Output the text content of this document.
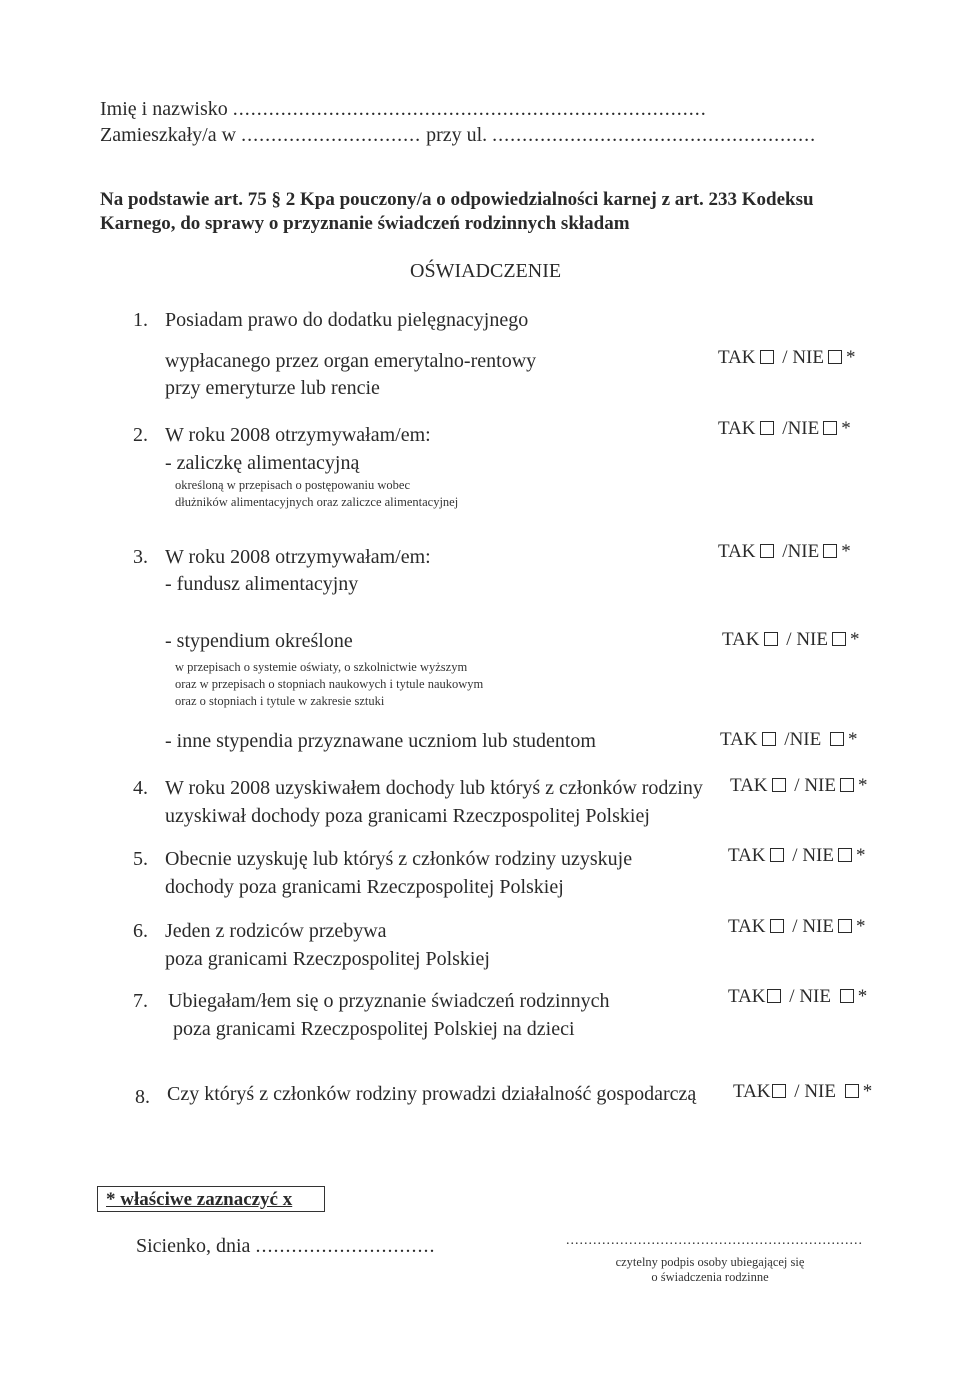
Imię i nazwisko ...............................................................................
Zamieszkały/a w .............................. przy ul. ......................................................
Na podstawie art. 75 § 2 Kpa pouczony/a o odpowiedzialności karnej z art. 233 Kodeksu
Karnego, do sprawy o przyznanie świadczeń rodzinnych składam
OŚWIADCZENIE
1. Posiadam prawo do dodatku pielęgnacyjnego
wypłacanego przez organ emerytalno-rentowy
przy emeryturze lub rencie
TAK / NIE *
2. W roku 2008 otrzymywałam/em:
- zaliczkę alimentacyjną
określoną w przepisach o postępowaniu wobec
dłużników alimentacyjnych oraz zaliczce alimentacyjnej
TAK /NIE *
3. W roku 2008 otrzymywałam/em:
- fundusz alimentacyjny
TAK /NIE *
- stypendium określone
w przepisach o systemie oświaty, o szkolnictwie wyższym
oraz w przepisach o stopniach naukowych i tytule naukowym
oraz o stopniach i tytule w zakresie sztuki
TAK / NIE *
- inne stypendia przyznawane uczniom lub studentom	TAK /NIE *
4. W roku 2008 uzyskiwałem dochody lub któryś z członków rodziny
uzyskiwał dochody poza granicami Rzeczpospolitej Polskiej
TAK / NIE *
5. Obecnie uzyskuję lub któryś z członków rodziny uzyskuje
dochody poza granicami Rzeczpospolitej Polskiej
TAK / NIE *
6. Jeden z rodziców przebywa
poza granicami Rzeczpospolitej Polskiej
TAK / NIE *
7. Ubiegałam/łem się o przyznanie świadczeń rodzinnych
poza granicami Rzeczpospolitej Polskiej na dzieci
TAK / NIE *
8. Czy któryś z członków rodziny prowadzi działalność gospodarczą TAK / NIE *
* właściwe zaznaczyć x
Sicienko, dnia ..............................	..................................................................
czytelny podpis osoby ubiegającej się
o świadczenia rodzinne
